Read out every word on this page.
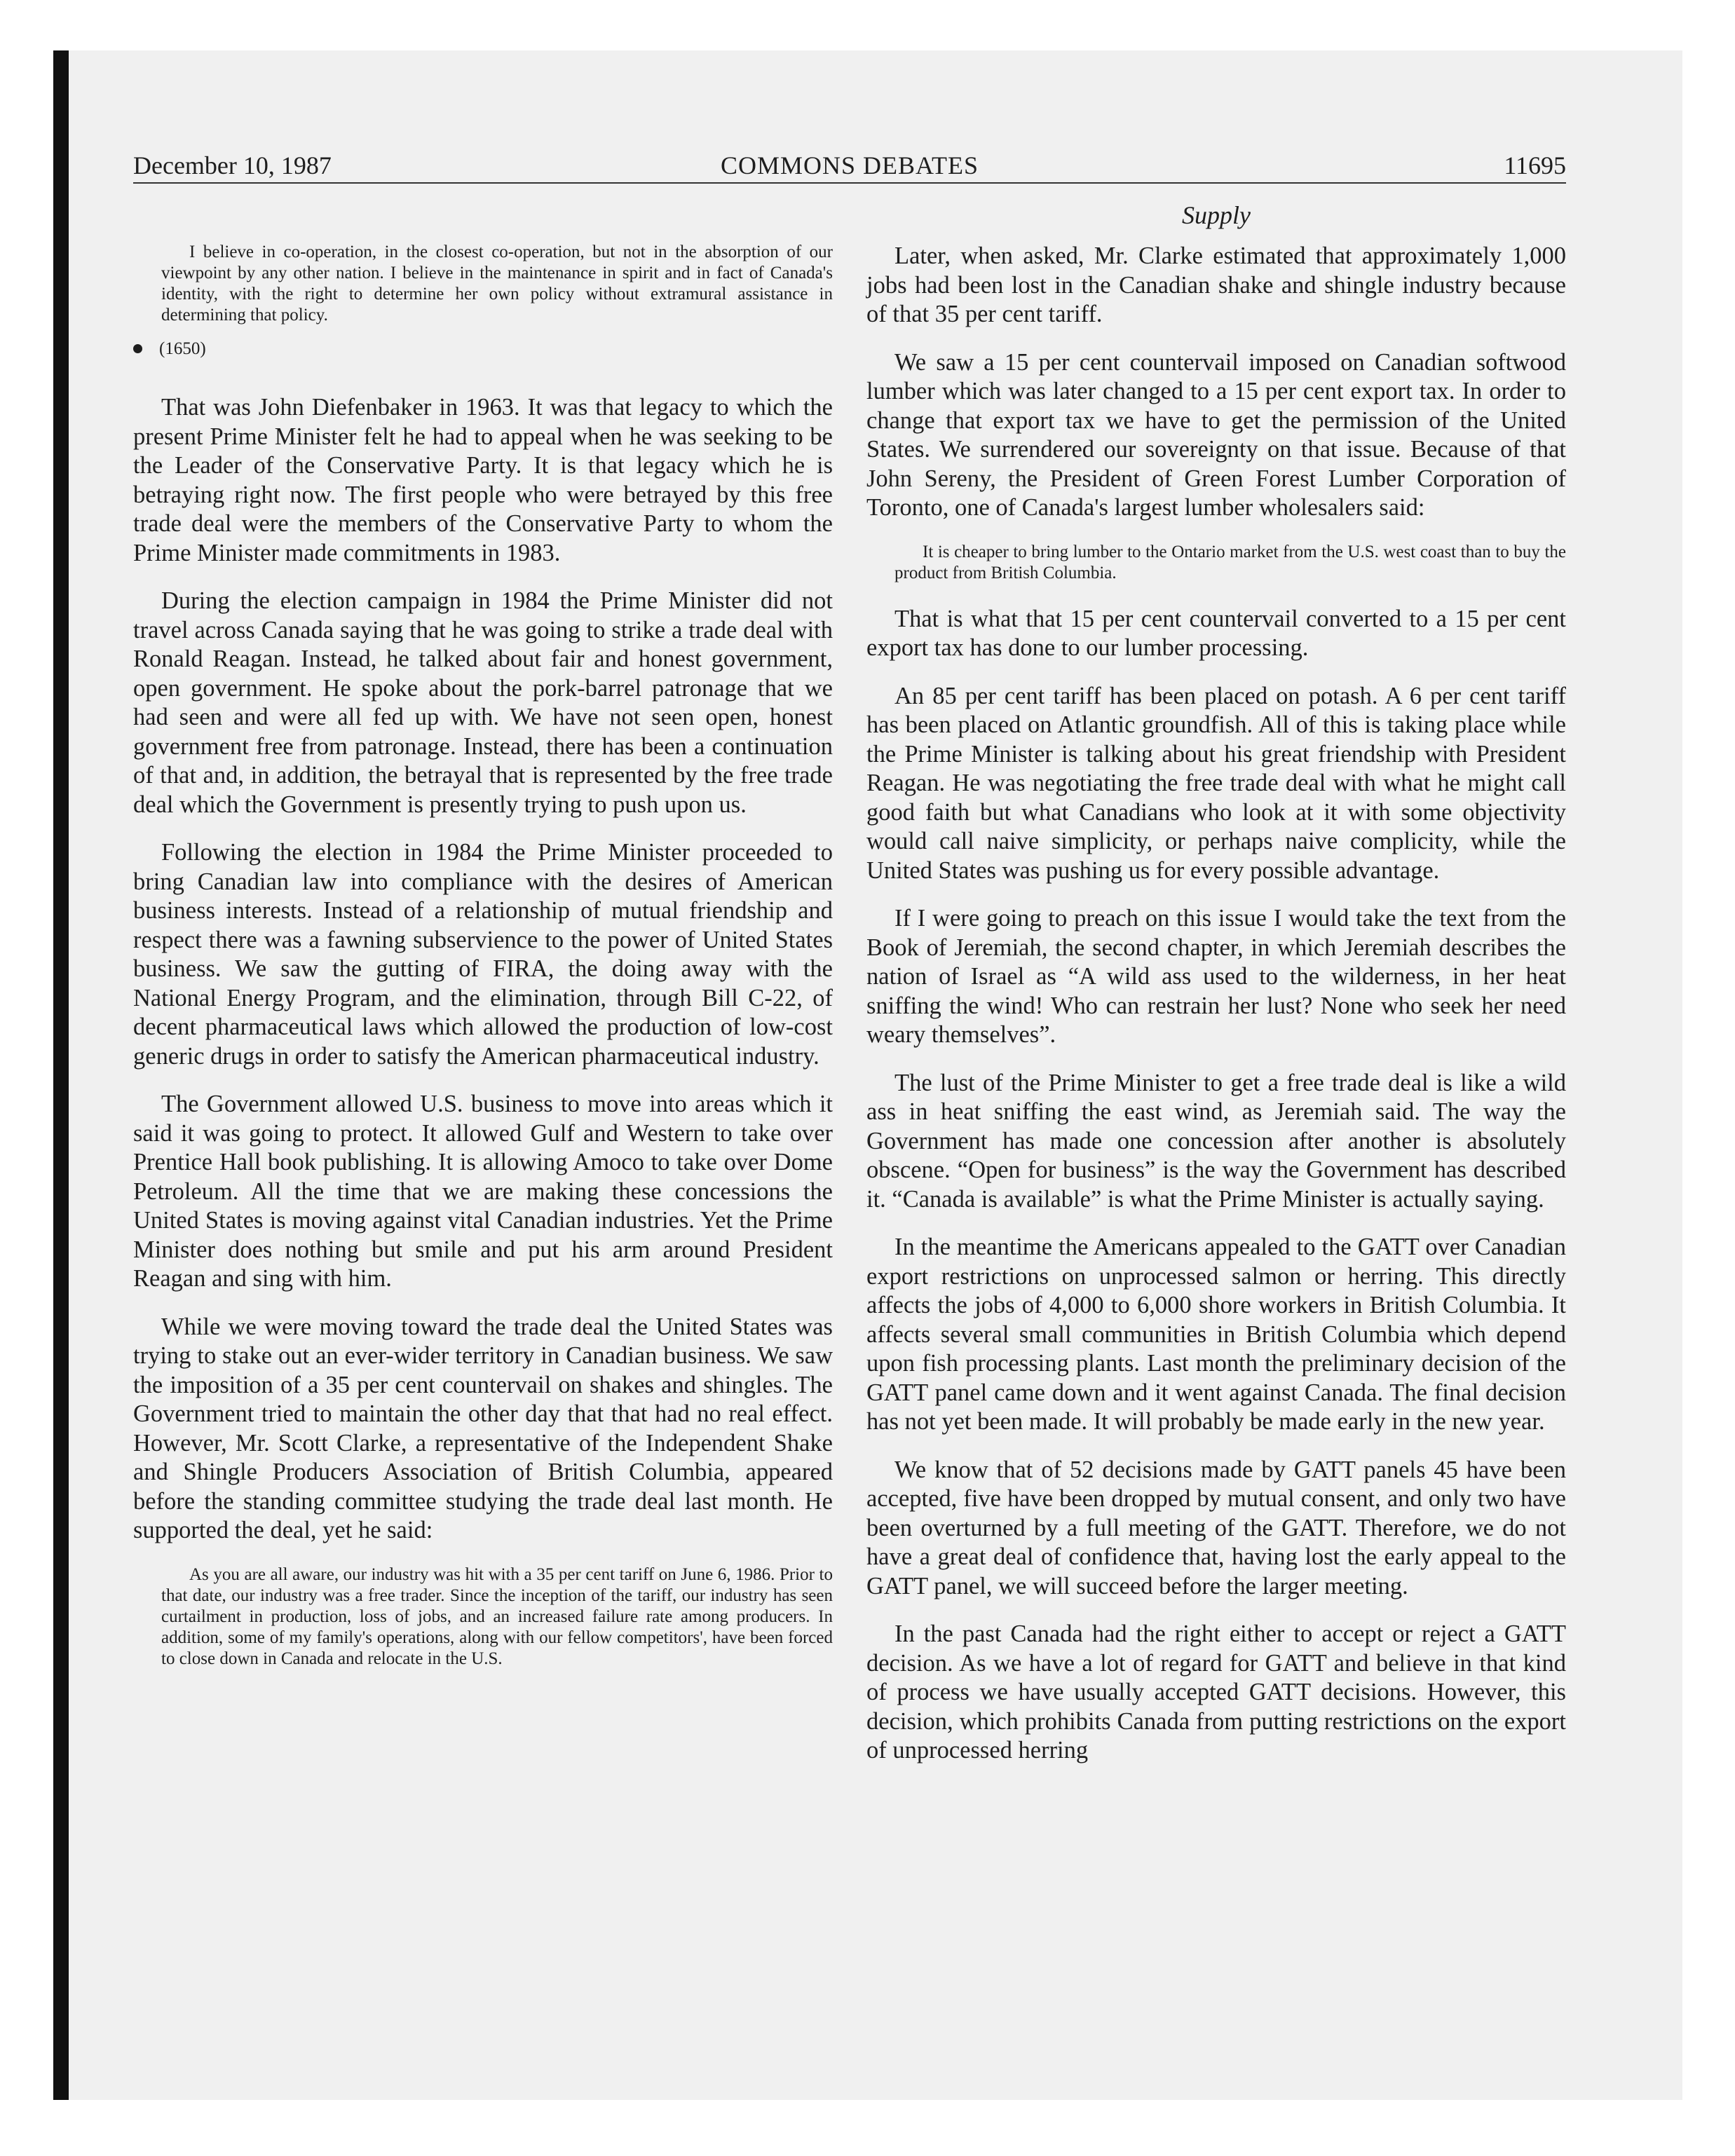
December 10, 1987	COMMONS DEBATES	11695
Supply

I believe in co-operation, in the closest co-operation, but not in the absorption of our viewpoint by any other nation. I believe in the maintenance in spirit and in fact of Canada's identity, with the right to determine her own policy without extramural assistance in determining that policy.

(1650)

That was John Diefenbaker in 1963. It was that legacy to which the present Prime Minister felt he had to appeal when he was seeking to be the Leader of the Conservative Party. It is that legacy which he is betraying right now. The first people who were betrayed by this free trade deal were the members of the Conservative Party to whom the Prime Minister made commitments in 1983.

During the election campaign in 1984 the Prime Minister did not travel across Canada saying that he was going to strike a trade deal with Ronald Reagan. Instead, he talked about fair and honest government, open government. He spoke about the pork-barrel patronage that we had seen and were all fed up with. We have not seen open, honest government free from patronage. Instead, there has been a continuation of that and, in addition, the betrayal that is represented by the free trade deal which the Government is presently trying to push upon us.

Following the election in 1984 the Prime Minister proceeded to bring Canadian law into compliance with the desires of American business interests. Instead of a relationship of mutual friendship and respect there was a fawning subservience to the power of United States business. We saw the gutting of FIRA, the doing away with the National Energy Program, and the elimination, through Bill C-22, of decent pharmaceutical laws which allowed the production of low-cost generic drugs in order to satisfy the American pharmaceutical industry.

The Government allowed U.S. business to move into areas which it said it was going to protect. It allowed Gulf and Western to take over Prentice Hall book publishing. It is allowing Amoco to take over Dome Petroleum. All the time that we are making these concessions the United States is moving against vital Canadian industries. Yet the Prime Minister does nothing but smile and put his arm around President Reagan and sing with him.

While we were moving toward the trade deal the United States was trying to stake out an ever-wider territory in Canadian business. We saw the imposition of a 35 per cent countervail on shakes and shingles. The Government tried to maintain the other day that that had no real effect. However, Mr. Scott Clarke, a representative of the Independent Shake and Shingle Producers Association of British Columbia, appeared before the standing committee studying the trade deal last month. He supported the deal, yet he said:

As you are all aware, our industry was hit with a 35 per cent tariff on June 6, 1986. Prior to that date, our industry was a free trader. Since the inception of the tariff, our industry has seen curtailment in production, loss of jobs, and an increased failure rate among producers. In addition, some of my family's operations, along with our fellow competitors', have been forced to close down in Canada and relocate in the U.S.

Later, when asked, Mr. Clarke estimated that approximately 1,000 jobs had been lost in the Canadian shake and shingle industry because of that 35 per cent tariff.

We saw a 15 per cent countervail imposed on Canadian softwood lumber which was later changed to a 15 per cent export tax. In order to change that export tax we have to get the permission of the United States. We surrendered our sovereignty on that issue. Because of that John Sereny, the President of Green Forest Lumber Corporation of Toronto, one of Canada's largest lumber wholesalers said:

It is cheaper to bring lumber to the Ontario market from the U.S. west coast than to buy the product from British Columbia.

That is what that 15 per cent countervail converted to a 15 per cent export tax has done to our lumber processing.

An 85 per cent tariff has been placed on potash. A 6 per cent tariff has been placed on Atlantic groundfish. All of this is taking place while the Prime Minister is talking about his great friendship with President Reagan. He was negotiating the free trade deal with what he might call good faith but what Canadians who look at it with some objectivity would call naive simplicity, or perhaps naive complicity, while the United States was pushing us for every possible advantage.

If I were going to preach on this issue I would take the text from the Book of Jeremiah, the second chapter, in which Jeremiah describes the nation of Israel as “A wild ass used to the wilderness, in her heat sniffing the wind! Who can restrain her lust? None who seek her need weary themselves”.

The lust of the Prime Minister to get a free trade deal is like a wild ass in heat sniffing the east wind, as Jeremiah said. The way the Government has made one concession after another is absolutely obscene. “Open for business” is the way the Government has described it. “Canada is available” is what the Prime Minister is actually saying.

In the meantime the Americans appealed to the GATT over Canadian export restrictions on unprocessed salmon or herring. This directly affects the jobs of 4,000 to 6,000 shore workers in British Columbia. It affects several small communities in British Columbia which depend upon fish processing plants. Last month the preliminary decision of the GATT panel came down and it went against Canada. The final decision has not yet been made. It will probably be made early in the new year.

We know that of 52 decisions made by GATT panels 45 have been accepted, five have been dropped by mutual consent, and only two have been overturned by a full meeting of the GATT. Therefore, we do not have a great deal of confidence that, having lost the early appeal to the GATT panel, we will succeed before the larger meeting.

In the past Canada had the right either to accept or reject a GATT decision. As we have a lot of regard for GATT and believe in that kind of process we have usually accepted GATT decisions. However, this decision, which prohibits Canada from putting restrictions on the export of unprocessed herring
